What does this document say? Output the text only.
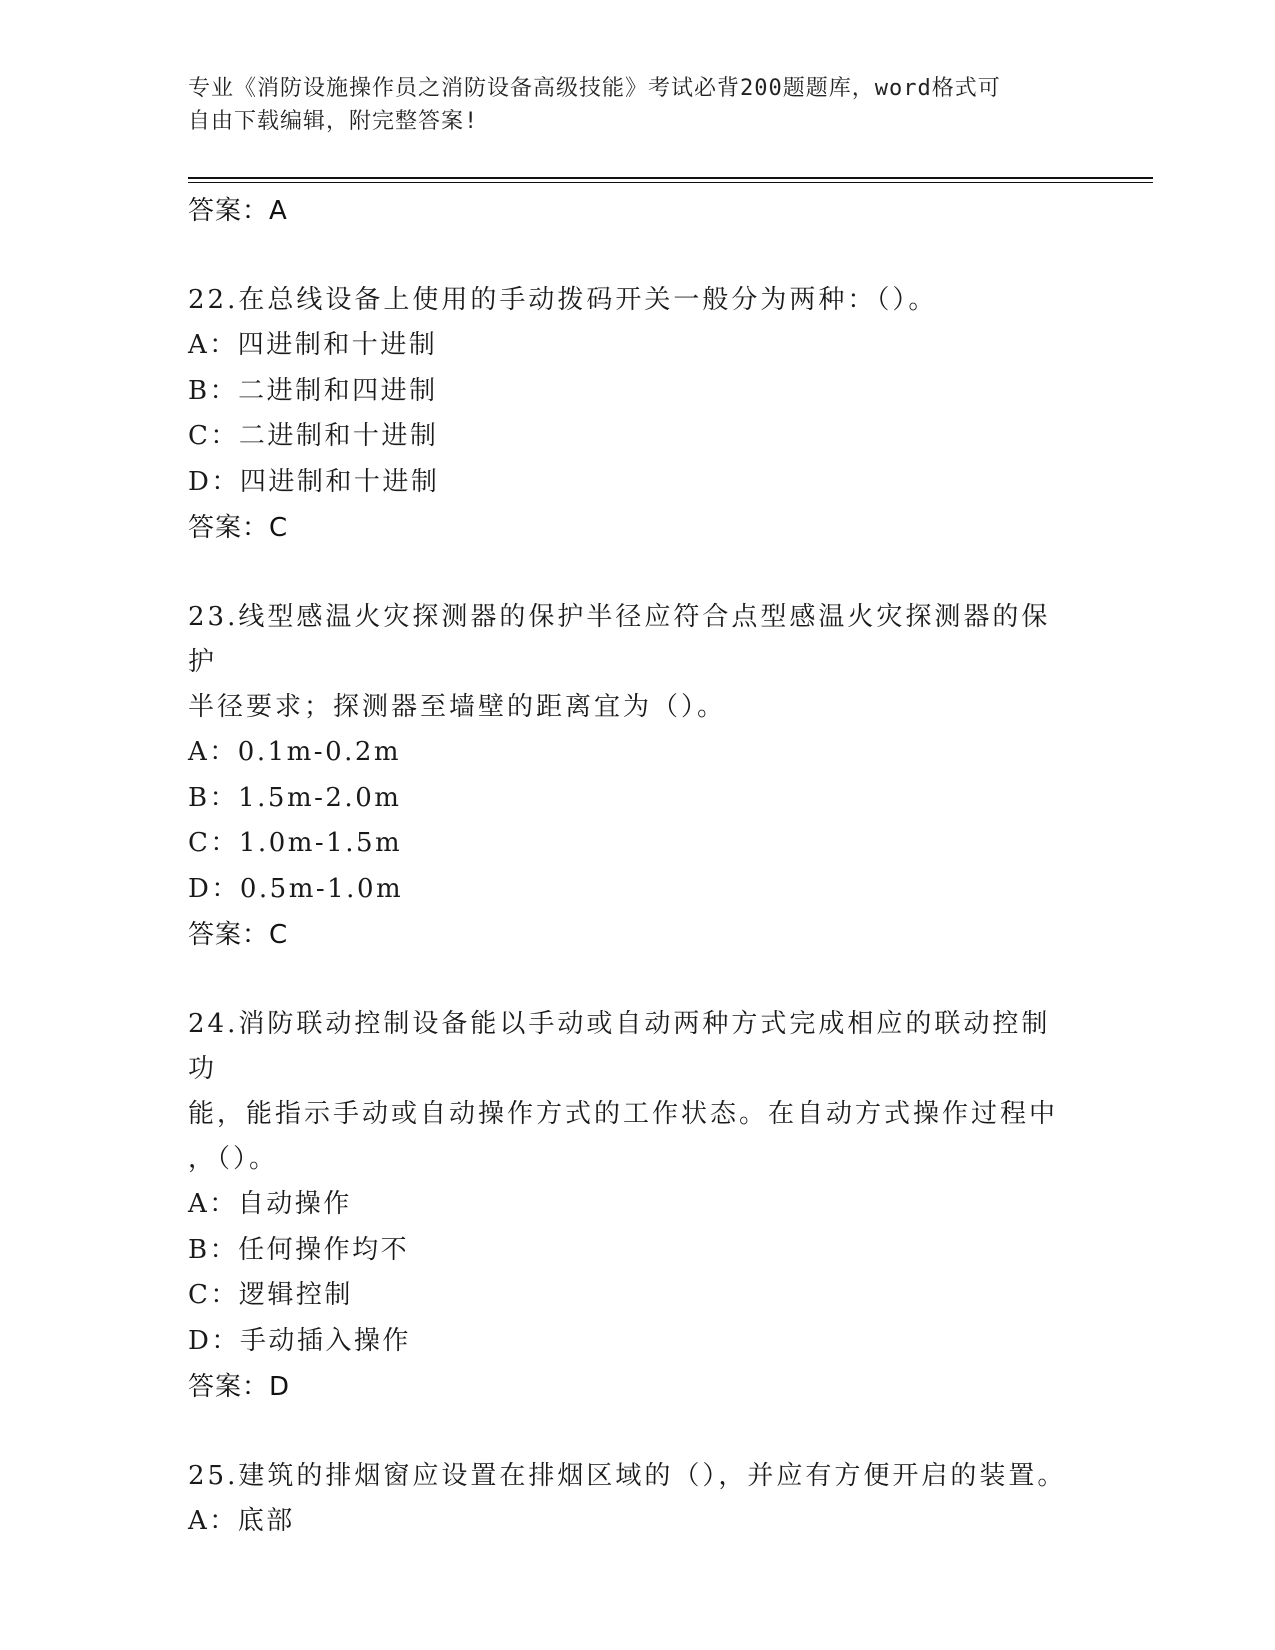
专业《消防设施操作员之消防设备高级技能》考试必背200题题库，word格式可
自由下载编辑，附完整答案!
答案：A
22.在总线设备上使用的手动拨码开关一般分为两种：（）。
A：四进制和十进制
B：二进制和四进制
C：二进制和十进制
D：四进制和十进制
答案：C
23.线型感温火灾探测器的保护半径应符合点型感温火灾探测器的保护
半径要求；探测器至墙壁的距离宜为（）。
A：0.1m-0.2m
B：1.5m-2.0m
C：1.0m-1.5m
D：0.5m-1.0m
答案：C
24.消防联动控制设备能以手动或自动两种方式完成相应的联动控制功
能，能指示手动或自动操作方式的工作状态。在自动方式操作过程中
，（）。
A：自动操作
B：任何操作均不
C：逻辑控制
D：手动插入操作
答案：D
25.建筑的排烟窗应设置在排烟区域的（），并应有方便开启的装置。
A：底部
